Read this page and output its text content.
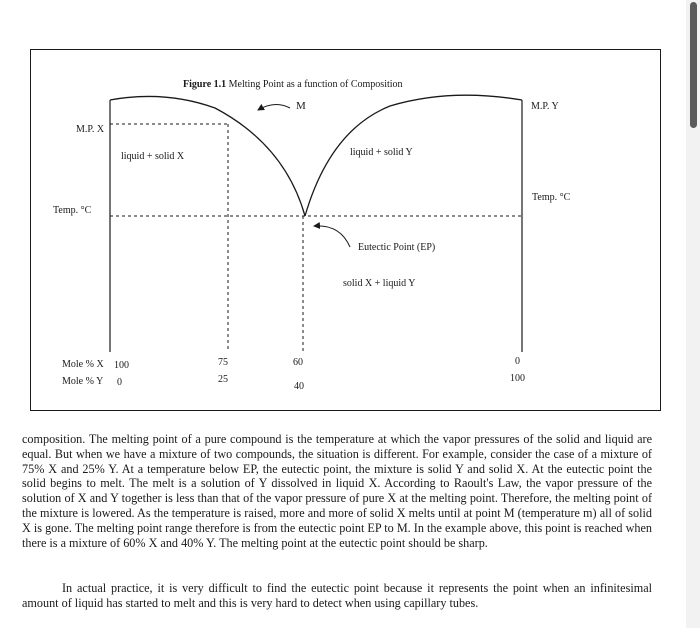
Figure 1.1 Melting Point as a function of Composition
M
M.P. X
M.P. Y
liquid + solid X	liquid + solid Y
Temp. °C
Temp. °C
Eutectic Point (EP)
solid X + liquid Y
Mole % X
Mole % Y
100	75	60	0
0	25
40
100
composition. The melting point of a pure compound is the temperature at which the vapor pressures of the solid and liquid are equal. But when we have a mixture of two compounds, the situation is different. For example, consider the case of a mixture of 75% X and 25% Y. At a temperature below EP, the eutectic point, the mixture is solid Y and solid X. At the eutectic point the solid begins to melt. The melt is a solution of Y dissolved in liquid X. According to Raoult's Law, the vapor pressure of the solution of X and Y together is less than that of the vapor pressure of pure X at the melting point. Therefore, the melting point of the mixture is lowered. As the temperature is raised, more and more of solid X melts until at point M (temperature m) all of solid X is gone. The melting point range therefore is from the eutectic point EP to M. In the example above, this point is reached when there is a mixture of 60% X and 40% Y. The melting point at the eutectic point should be sharp.
In actual practice, it is very difficult to find the eutectic point because it represents the point when an infinitesimal amount of liquid has started to melt and this is very hard to detect when using capillary tubes.
